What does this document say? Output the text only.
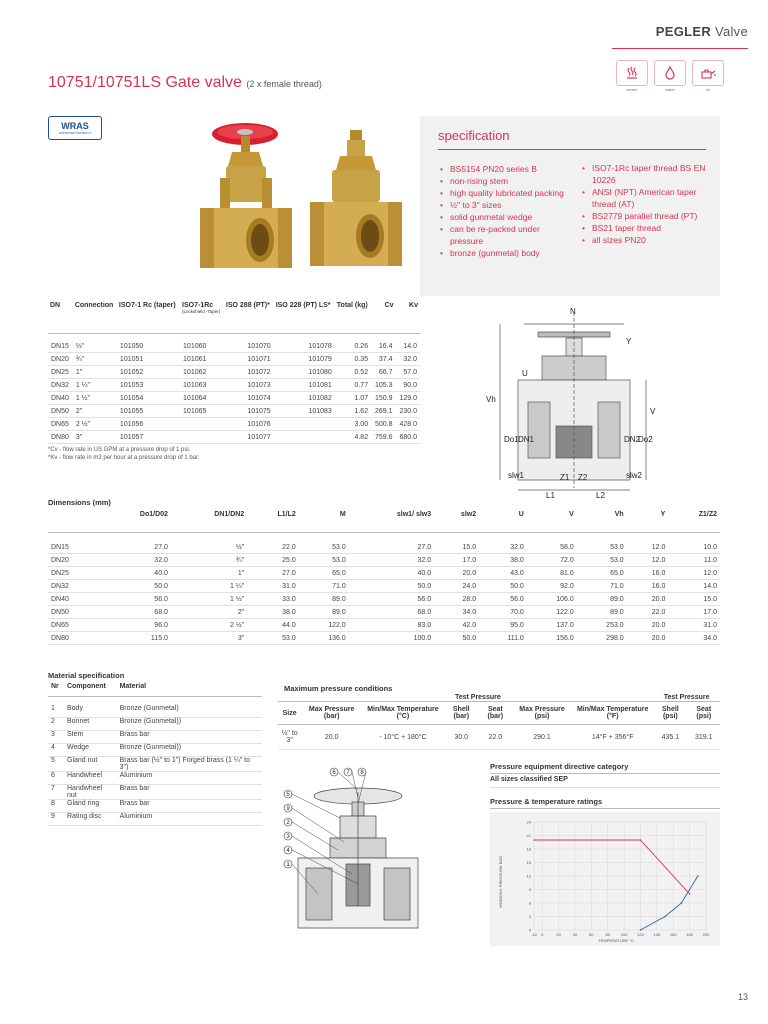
PEGLER Valve
10751/10751LS Gate valve (2 x female thread)
steam	water	oil
WRAS
APPROVED PRODUCT	specification
• BS5154 PN20 series B
• non-rising stem
• high quality lubricated packing
• ½" to 3" sizes
• solid gunmetal wedge
• can be re-packed under pressure
• bronze (gunmetal) body
• ISO7-1Rc taper thread BS EN 10226
• ANSI (NPT) American taper thread (AT)
• BS2779 parallel thread (PT)
• BS21 taper thread
• all sizes PN20
DN	Connection	ISO7-1 Rc (taper)	ISO7-1Rc
(Lockshield -Taper)	ISO 288 (PT)*	ISO 228 (PT) LS*	Total (kg)	Cv	Kv

DN15	½"	101050	101060	101070	101078	0.26	16.4	14.0
DN20	¾"	101051	101061	101071	101079	0.35	37.4	32.0
DN25	1"	101052	101062	101072	101080	0.52	66.7	57.0
DN32	1 ¼"	101053	101063	101073	101081	0.77	105.3	90.0
DN40	1 ½"	101054	101064	101074	101082	1.07	150.9	129.0
DN50	2"	101055	101065	101075	101083	1.62	269.1	230.0
DN65	2 ½"	101056		101076		3.00	500.8	428.0
DN80	3"	101057		101077		4.82	759.6	680.0
*Cv - flow rate in US GPM at a pressure drop of 1 psi.
*Kv - flow rate in m3 per hour at a pressure drop of 1 bar.
N
Y
U
V
Vh
Do1 DN1	DN2
Do2
slw1	slw2
Z1 Z2
L1	L2
Dimensions (mm)
	Do1/D02	DN1/DN2	L1/L2	M	slw1/ slw3	slw2	U	V	Vh	Y	Z1/Z2

DN15	27.0	½"	22.0	53.0	27.0	15.0	32.0	58.0	53.0	12.0	10.0
DN20	32.0	¾"	25.0	53.0	32.0	17.0	38.0	72.0	53.0	12.0	11.0
DN25	40.0	1"	27.0	65.0	40.0	20.0	43.0	81.0	65.0	16.0	12.0
DN32	50.0	1 ¼"	31.0	71.0	50.0	24.0	50.0	92.0	71.0	16.0	14.0
DN40	56.0	1 ½"	33.0	89.0	56.0	28.0	56.0	106.0	89.0	20.0	15.0
DN50	68.0	2"	38.0	89.0	68.0	34.0	70.0	122.0	89.0	22.0	17.0
DN65	96.0	2 ½"	44.0	122.0	83.0	42.0	95.0	137.0	253.0	20.0	31.0
DN80	115.0	3"	53.0	136.0	100.0	50.0	111.0	156.0	298.0	20.0	34.0
Material specification
Nr	Component	Material

1	Body	Bronze (Gunmetal)
2	Bonnet	Bronze (Gunmetal))
3	Stem	Brass bar
4	Wedge	Bronze (Gunmetal))
5	Gland nut	Brass bar (½" to 1") Forged brass (1 ¼" to 3")
6	Handwheel	Aluminium
7	Handwheel nut	Brass bar
8	Gland ring	Brass bar
9	Rating disc	Aluminium
Maximum pressure conditions
			Test Pressure				Test Pressure	
Size	Max Pressure (bar)	Min/Max Temperature (°C)	Shell (bar)	Seat (bar)	Max Pressure (psi)	Min/Max Temperature (°F)	Shell (psi)	Seat (psi)
½" to 3"	20.0	- 10°C + 180°C	30.0	22.0	290.1	14°F + 356°F	435.1	319.1
6 7 8
5
9
2
3
4
1
Pressure equipment directive category
All sizes classified SEP
Pressure & temperature ratings
0
3
6
9
12
15
18
21
24
-10 0	20	40	60	80	100 120 140 160 180 200
WORKING PRESSURE BAR
TEMPERATURE °C
13
